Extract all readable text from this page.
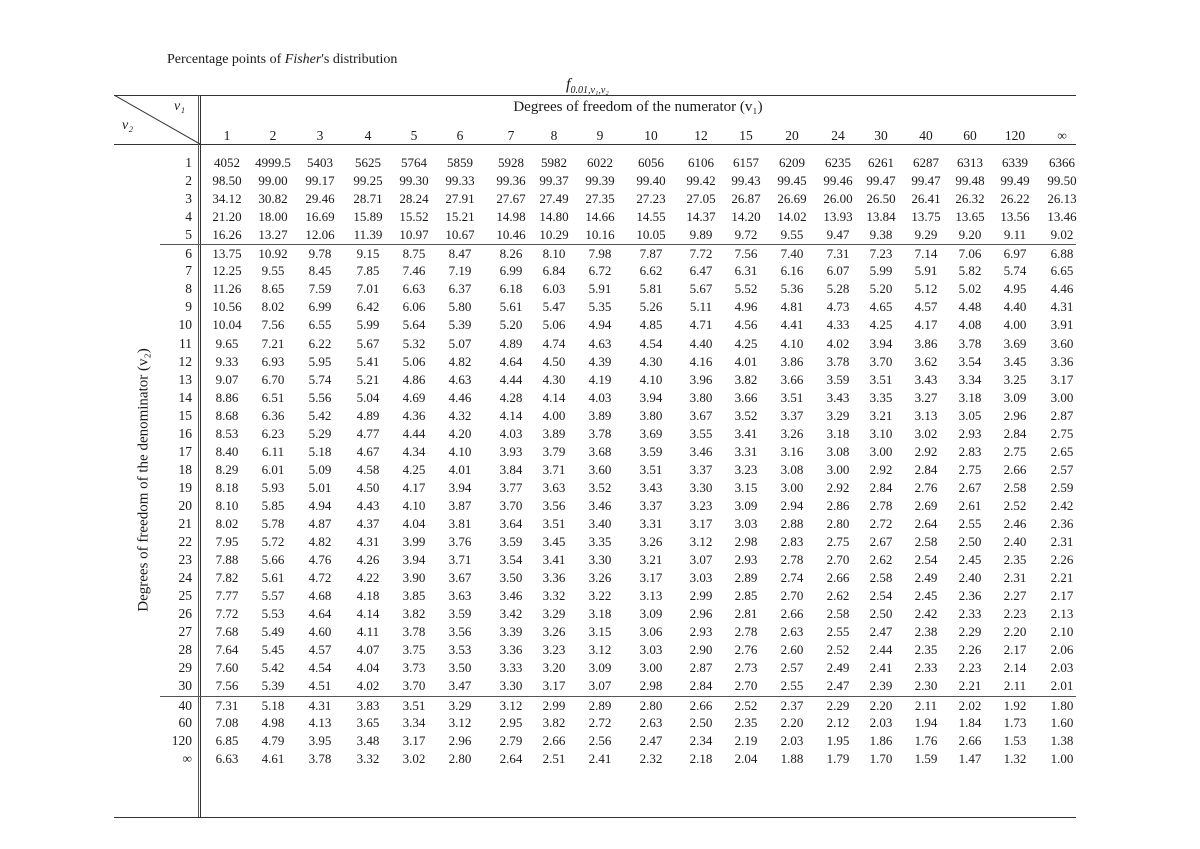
Percentage points of Fisher's distribution
$f_{0.01,v_1,v_2}$
v₁
v₂
Degrees of freedom of the numerator (v₁)
Degrees of freedom of the denominator (v₂)
1	2	3	4	5	6	7	8	9	10	12	15	20	24	30	40	60	120	∞
1	4052	4999.5	5403	5625	5764	5859	5928	5982	6022	6056	6106	6157	6209	6235	6261	6287	6313	6339	6366
2	98.50	99.00	99.17	99.25	99.30	99.33	99.36	99.37	99.39	99.40	99.42	99.43	99.45	99.46	99.47	99.47	99.48	99.49	99.50
3	34.12	30.82	29.46	28.71	28.24	27.91	27.67	27.49	27.35	27.23	27.05	26.87	26.69	26.00	26.50	26.41	26.32	26.22	26.13
4	21.20	18.00	16.69	15.89	15.52	15.21	14.98	14.80	14.66	14.55	14.37	14.20	14.02	13.93	13.84	13.75	13.65	13.56	13.46
5	16.26	13.27	12.06	11.39	10.97	10.67	10.46	10.29	10.16	10.05	9.89	9.72	9.55	9.47	9.38	9.29	9.20	9.11	9.02
6	13.75	10.92	9.78	9.15	8.75	8.47	8.26	8.10	7.98	7.87	7.72	7.56	7.40	7.31	7.23	7.14	7.06	6.97	6.88
7	12.25	9.55	8.45	7.85	7.46	7.19	6.99	6.84	6.72	6.62	6.47	6.31	6.16	6.07	5.99	5.91	5.82	5.74	6.65
8	11.26	8.65	7.59	7.01	6.63	6.37	6.18	6.03	5.91	5.81	5.67	5.52	5.36	5.28	5.20	5.12	5.02	4.95	4.46
9	10.56	8.02	6.99	6.42	6.06	5.80	5.61	5.47	5.35	5.26	5.11	4.96	4.81	4.73	4.65	4.57	4.48	4.40	4.31
10	10.04	7.56	6.55	5.99	5.64	5.39	5.20	5.06	4.94	4.85	4.71	4.56	4.41	4.33	4.25	4.17	4.08	4.00	3.91
11	9.65	7.21	6.22	5.67	5.32	5.07	4.89	4.74	4.63	4.54	4.40	4.25	4.10	4.02	3.94	3.86	3.78	3.69	3.60
12	9.33	6.93	5.95	5.41	5.06	4.82	4.64	4.50	4.39	4.30	4.16	4.01	3.86	3.78	3.70	3.62	3.54	3.45	3.36
13	9.07	6.70	5.74	5.21	4.86	4.63	4.44	4.30	4.19	4.10	3.96	3.82	3.66	3.59	3.51	3.43	3.34	3.25	3.17
14	8.86	6.51	5.56	5.04	4.69	4.46	4.28	4.14	4.03	3.94	3.80	3.66	3.51	3.43	3.35	3.27	3.18	3.09	3.00
15	8.68	6.36	5.42	4.89	4.36	4.32	4.14	4.00	3.89	3.80	3.67	3.52	3.37	3.29	3.21	3.13	3.05	2.96	2.87
16	8.53	6.23	5.29	4.77	4.44	4.20	4.03	3.89	3.78	3.69	3.55	3.41	3.26	3.18	3.10	3.02	2.93	2.84	2.75
17	8.40	6.11	5.18	4.67	4.34	4.10	3.93	3.79	3.68	3.59	3.46	3.31	3.16	3.08	3.00	2.92	2.83	2.75	2.65
18	8.29	6.01	5.09	4.58	4.25	4.01	3.84	3.71	3.60	3.51	3.37	3.23	3.08	3.00	2.92	2.84	2.75	2.66	2.57
19	8.18	5.93	5.01	4.50	4.17	3.94	3.77	3.63	3.52	3.43	3.30	3.15	3.00	2.92	2.84	2.76	2.67	2.58	2.59
20	8.10	5.85	4.94	4.43	4.10	3.87	3.70	3.56	3.46	3.37	3.23	3.09	2.94	2.86	2.78	2.69	2.61	2.52	2.42
21	8.02	5.78	4.87	4.37	4.04	3.81	3.64	3.51	3.40	3.31	3.17	3.03	2.88	2.80	2.72	2.64	2.55	2.46	2.36
22	7.95	5.72	4.82	4.31	3.99	3.76	3.59	3.45	3.35	3.26	3.12	2.98	2.83	2.75	2.67	2.58	2.50	2.40	2.31
23	7.88	5.66	4.76	4.26	3.94	3.71	3.54	3.41	3.30	3.21	3.07	2.93	2.78	2.70	2.62	2.54	2.45	2.35	2.26
24	7.82	5.61	4.72	4.22	3.90	3.67	3.50	3.36	3.26	3.17	3.03	2.89	2.74	2.66	2.58	2.49	2.40	2.31	2.21
25	7.77	5.57	4.68	4.18	3.85	3.63	3.46	3.32	3.22	3.13	2.99	2.85	2.70	2.62	2.54	2.45	2.36	2.27	2.17
26	7.72	5.53	4.64	4.14	3.82	3.59	3.42	3.29	3.18	3.09	2.96	2.81	2.66	2.58	2.50	2.42	2.33	2.23	2.13
27	7.68	5.49	4.60	4.11	3.78	3.56	3.39	3.26	3.15	3.06	2.93	2.78	2.63	2.55	2.47	2.38	2.29	2.20	2.10
28	7.64	5.45	4.57	4.07	3.75	3.53	3.36	3.23	3.12	3.03	2.90	2.76	2.60	2.52	2.44	2.35	2.26	2.17	2.06
29	7.60	5.42	4.54	4.04	3.73	3.50	3.33	3.20	3.09	3.00	2.87	2.73	2.57	2.49	2.41	2.33	2.23	2.14	2.03
30	7.56	5.39	4.51	4.02	3.70	3.47	3.30	3.17	3.07	2.98	2.84	2.70	2.55	2.47	2.39	2.30	2.21	2.11	2.01
40	7.31	5.18	4.31	3.83	3.51	3.29	3.12	2.99	2.89	2.80	2.66	2.52	2.37	2.29	2.20	2.11	2.02	1.92	1.80
60	7.08	4.98	4.13	3.65	3.34	3.12	2.95	3.82	2.72	2.63	2.50	2.35	2.20	2.12	2.03	1.94	1.84	1.73	1.60
120	6.85	4.79	3.95	3.48	3.17	2.96	2.79	2.66	2.56	2.47	2.34	2.19	2.03	1.95	1.86	1.76	2.66	1.53	1.38
∞	6.63	4.61	3.78	3.32	3.02	2.80	2.64	2.51	2.41	2.32	2.18	2.04	1.88	1.79	1.70	1.59	1.47	1.32	1.00
